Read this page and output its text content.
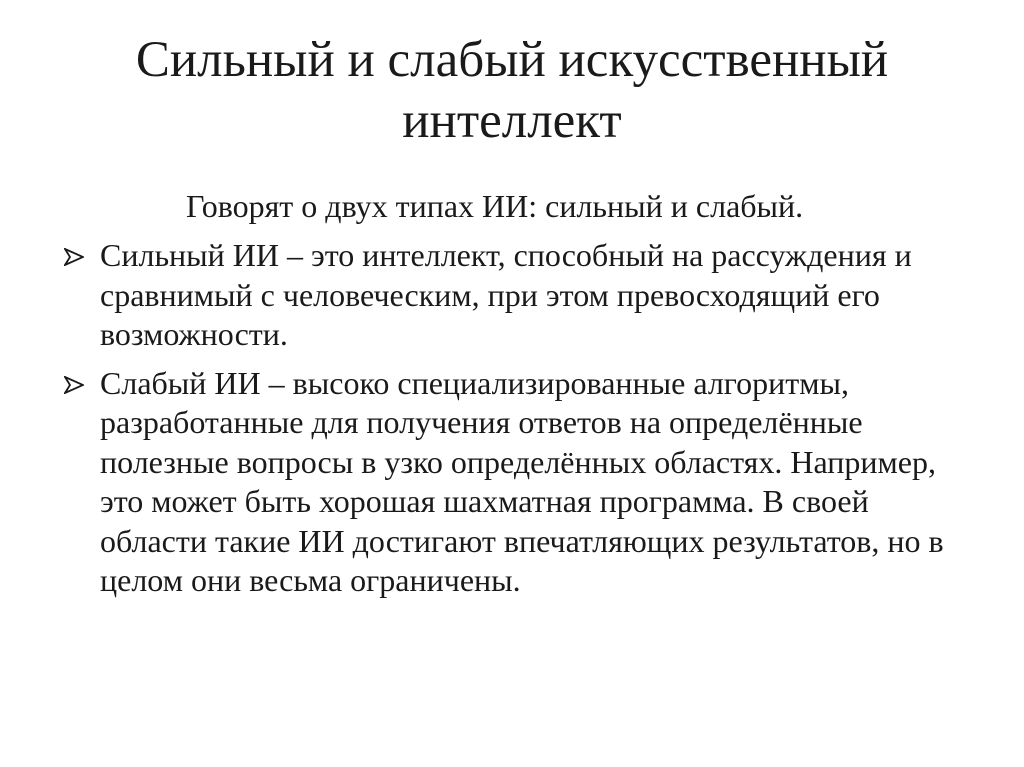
Сильный и слабый искусственный интеллект

Говорят о двух типах ИИ: сильный и слабый.

Сильный ИИ – это интеллект, способный на рассуждения и сравнимый с человеческим, при этом превосходящий его возможности.
Слабый ИИ – высоко специализированные алгоритмы, разработанные для получения ответов на определённые полезные вопросы в узко определённых областях. Например, это может быть хорошая шахматная программа. В своей области такие ИИ достигают впечатляющих результатов, но в целом они весьма ограничены.
